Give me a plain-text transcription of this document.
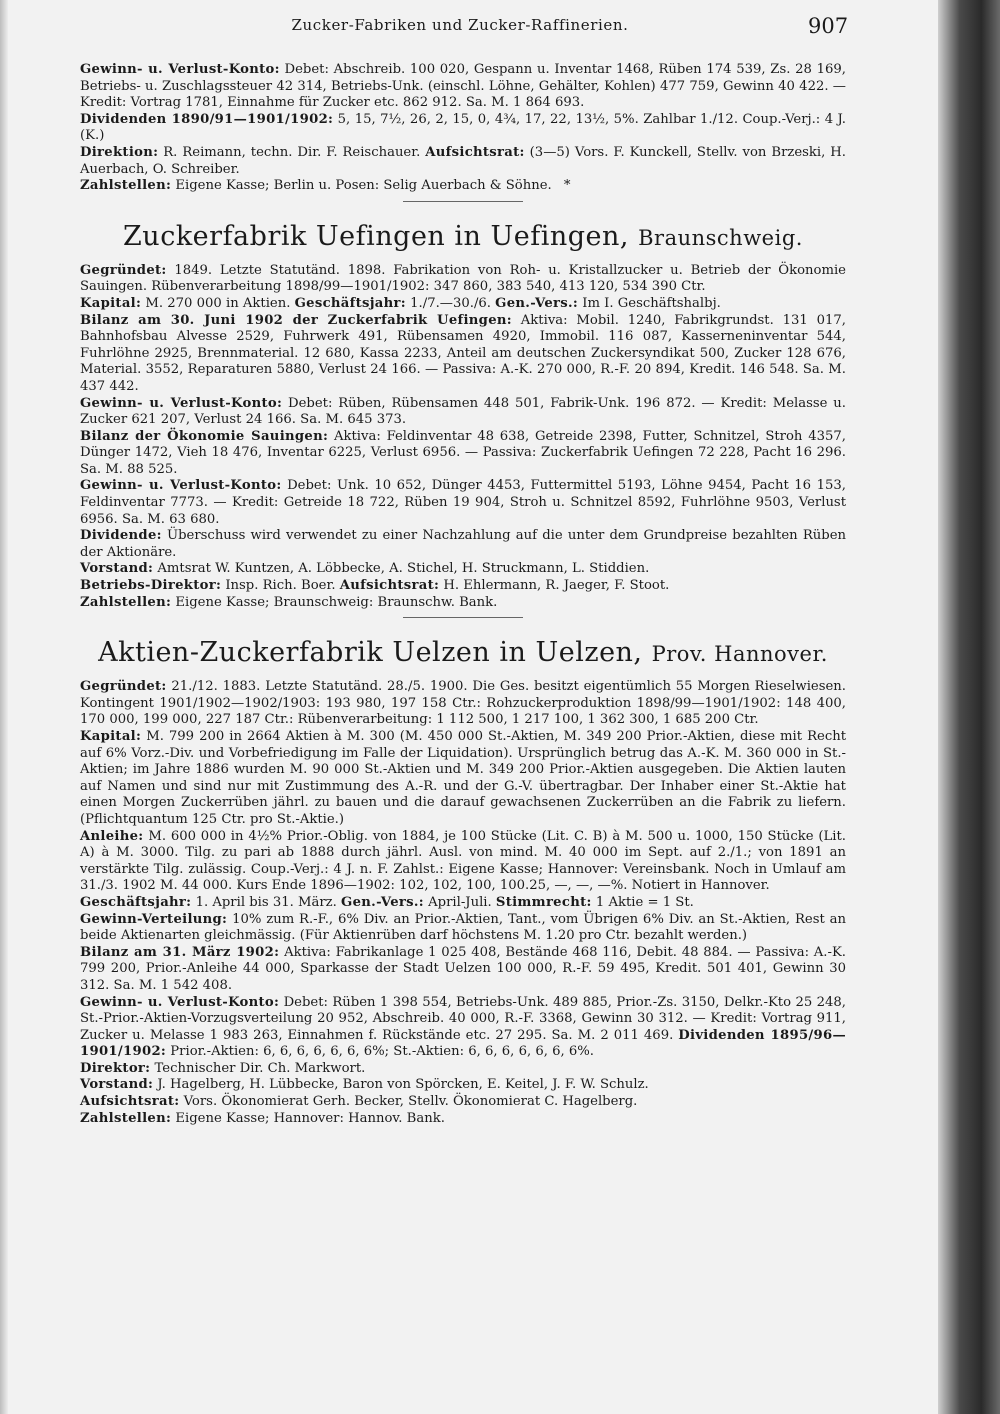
Zucker-Fabriken und Zucker-Raffinerien.	907

Gewinn- u. Verlust-Konto: Debet: Abschreib. 100 020, Gespann u. Inventar 1468, Rüben 174 539, Zs. 28 169, Betriebs- u. Zuschlagssteuer 42 314, Betriebs-Unk. (einschl. Löhne, Gehälter, Kohlen) 477 759, Gewinn 40 422. — Kredit: Vortrag 1781, Einnahme für Zucker etc. 862 912. Sa. M. 1 864 693.

Dividenden 1890/91—1901/1902: 5, 15, 7½, 26, 2, 15, 0, 4¾, 17, 22, 13½, 5%. Zahlbar 1./12. Coup.-Verj.: 4 J. (K.)

Direktion: R. Reimann, techn. Dir. F. Reischauer. Aufsichtsrat: (3—5) Vors. F. Kunckell, Stellv. von Brzeski, H. Auerbach, O. Schreiber.

Zahlstellen: Eigene Kasse; Berlin u. Posen: Selig Auerbach & Söhne. *

Zuckerfabrik Uefingen in Uefingen, Braunschweig.

Gegründet: 1849. Letzte Statutänd. 1898. Fabrikation von Roh- u. Kristallzucker u. Betrieb der Ökonomie Sauingen. Rübenverarbeitung 1898/99—1901/1902: 347 860, 383 540, 413 120, 534 390 Ctr.

Kapital: M. 270 000 in Aktien. Geschäftsjahr: 1./7.—30./6. Gen.-Vers.: Im I. Geschäftshalbj.

Bilanz am 30. Juni 1902 der Zuckerfabrik Uefingen: Aktiva: Mobil. 1240, Fabrikgrundst. 131 017, Bahnhofsbau Alvesse 2529, Fuhrwerk 491, Rübensamen 4920, Immobil. 116 087, Kasserneninventar 544, Fuhrlöhne 2925, Brennmaterial. 12 680, Kassa 2233, Anteil am deutschen Zuckersyndikat 500, Zucker 128 676, Material. 3552, Reparaturen 5880, Verlust 24 166. — Passiva: A.-K. 270 000, R.-F. 20 894, Kredit. 146 548. Sa. M. 437 442.

Gewinn- u. Verlust-Konto: Debet: Rüben, Rübensamen 448 501, Fabrik-Unk. 196 872. — Kredit: Melasse u. Zucker 621 207, Verlust 24 166. Sa. M. 645 373.

Bilanz der Ökonomie Sauingen: Aktiva: Feldinventar 48 638, Getreide 2398, Futter, Schnitzel, Stroh 4357, Dünger 1472, Vieh 18 476, Inventar 6225, Verlust 6956. — Passiva: Zuckerfabrik Uefingen 72 228, Pacht 16 296. Sa. M. 88 525.

Gewinn- u. Verlust-Konto: Debet: Unk. 10 652, Dünger 4453, Futtermittel 5193, Löhne 9454, Pacht 16 153, Feldinventar 7773. — Kredit: Getreide 18 722, Rüben 19 904, Stroh u. Schnitzel 8592, Fuhrlöhne 9503, Verlust 6956. Sa. M. 63 680.

Dividende: Überschuss wird verwendet zu einer Nachzahlung auf die unter dem Grundpreise bezahlten Rüben der Aktionäre.

Vorstand: Amtsrat W. Kuntzen, A. Löbbecke, A. Stichel, H. Struckmann, L. Stiddien.

Betriebs-Direktor: Insp. Rich. Boer. Aufsichtsrat: H. Ehlermann, R. Jaeger, F. Stoot.

Zahlstellen: Eigene Kasse; Braunschweig: Braunschw. Bank.

Aktien-Zuckerfabrik Uelzen in Uelzen, Prov. Hannover.

Gegründet: 21./12. 1883. Letzte Statutänd. 28./5. 1900. Die Ges. besitzt eigentümlich 55 Morgen Rieselwiesen. Kontingent 1901/1902—1902/1903: 193 980, 197 158 Ctr.: Rohzuckerproduktion 1898/99—1901/1902: 148 400, 170 000, 199 000, 227 187 Ctr.: Rübenverarbeitung: 1 112 500, 1 217 100, 1 362 300, 1 685 200 Ctr.

Kapital: M. 799 200 in 2664 Aktien à M. 300 (M. 450 000 St.-Aktien, M. 349 200 Prior.-Aktien, diese mit Recht auf 6% Vorz.-Div. und Vorbefriedigung im Falle der Liquidation). Ursprünglich betrug das A.-K. M. 360 000 in St.-Aktien; im Jahre 1886 wurden M. 90 000 St.-Aktien und M. 349 200 Prior.-Aktien ausgegeben. Die Aktien lauten auf Namen und sind nur mit Zustimmung des A.-R. und der G.-V. übertragbar. Der Inhaber einer St.-Aktie hat einen Morgen Zuckerrüben jährl. zu bauen und die darauf gewachsenen Zuckerrüben an die Fabrik zu liefern. (Pflichtquantum 125 Ctr. pro St.-Aktie.)

Anleihe: M. 600 000 in 4½% Prior.-Oblig. von 1884, je 100 Stücke (Lit. C. B) à M. 500 u. 1000, 150 Stücke (Lit. A) à M. 3000. Tilg. zu pari ab 1888 durch jährl. Ausl. von mind. M. 40 000 im Sept. auf 2./1.; von 1891 an verstärkte Tilg. zulässig. Coup.-Verj.: 4 J. n. F. Zahlst.: Eigene Kasse; Hannover: Vereinsbank. Noch in Umlauf am 31./3. 1902 M. 44 000. Kurs Ende 1896—1902: 102, 102, 100, 100.25, —, —, —%. Notiert in Hannover.

Geschäftsjahr: 1. April bis 31. März. Gen.-Vers.: April-Juli. Stimmrecht: 1 Aktie = 1 St.

Gewinn-Verteilung: 10% zum R.-F., 6% Div. an Prior.-Aktien, Tant., vom Übrigen 6% Div. an St.-Aktien, Rest an beide Aktienarten gleichmässig. (Für Aktienrüben darf höchstens M. 1.20 pro Ctr. bezahlt werden.)

Bilanz am 31. März 1902: Aktiva: Fabrikanlage 1 025 408, Bestände 468 116, Debit. 48 884. — Passiva: A.-K. 799 200, Prior.-Anleihe 44 000, Sparkasse der Stadt Uelzen 100 000, R.-F. 59 495, Kredit. 501 401, Gewinn 30 312. Sa. M. 1 542 408.

Gewinn- u. Verlust-Konto: Debet: Rüben 1 398 554, Betriebs-Unk. 489 885, Prior.-Zs. 3150, Delkr.-Kto 25 248, St.-Prior.-Aktien-Vorzugsverteilung 20 952, Abschreib. 40 000, R.-F. 3368, Gewinn 30 312. — Kredit: Vortrag 911, Zucker u. Melasse 1 983 263, Einnahmen f. Rückstände etc. 27 295. Sa. M. 2 011 469. Dividenden 1895/96—1901/1902: Prior.-Aktien: 6, 6, 6, 6, 6, 6, 6%; St.-Aktien: 6, 6, 6, 6, 6, 6, 6%.

Direktor: Technischer Dir. Ch. Markwort.

Vorstand: J. Hagelberg, H. Lübbecke, Baron von Spörcken, E. Keitel, J. F. W. Schulz.

Aufsichtsrat: Vors. Ökonomierat Gerh. Becker, Stellv. Ökonomierat C. Hagelberg.

Zahlstellen: Eigene Kasse; Hannover: Hannov. Bank.
